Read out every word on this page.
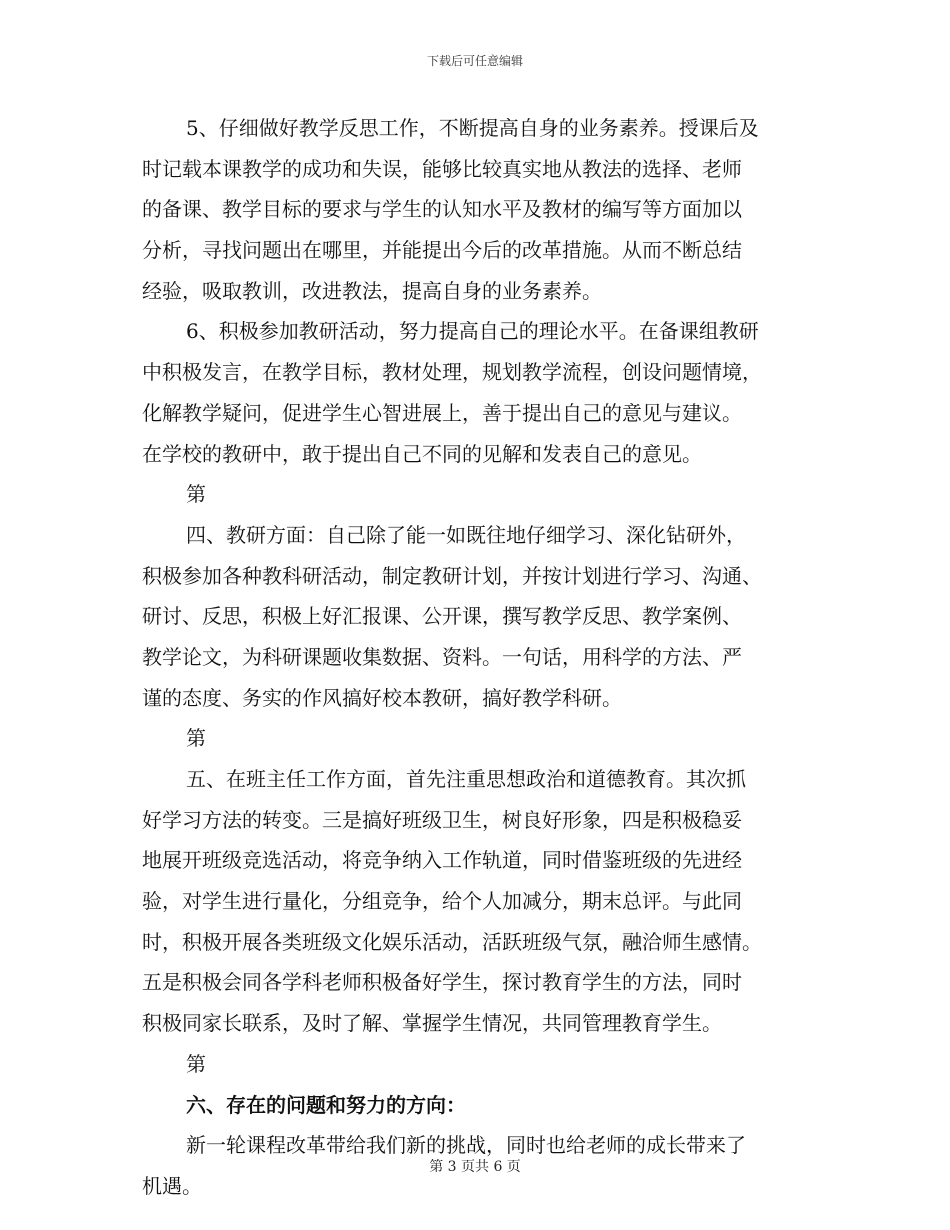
下载后可任意编辑
5、仔细做好教学反思工作，不断提高自身的业务素养。授课后及
时记载本课教学的成功和失误，能够比较真实地从教法的选择、老师
的备课、教学目标的要求与学生的认知水平及教材的编写等方面加以
分析，寻找问题出在哪里，并能提出今后的改革措施。从而不断总结
经验，吸取教训，改进教法，提高自身的业务素养。
6、积极参加教研活动，努力提高自己的理论水平。在备课组教研
中积极发言，在教学目标，教材处理，规划教学流程，创设问题情境，
化解教学疑问，促进学生心智进展上，善于提出自己的意见与建议。
在学校的教研中，敢于提出自己不同的见解和发表自己的意见。
第
四、教研方面：自己除了能一如既往地仔细学习、深化钻研外，
积极参加各种教科研活动，制定教研计划，并按计划进行学习、沟通、
研讨、反思，积极上好汇报课、公开课，撰写教学反思、教学案例、
教学论文，为科研课题收集数据、资料。一句话，用科学的方法、严
谨的态度、务实的作风搞好校本教研，搞好教学科研。
第
五、在班主任工作方面，首先注重思想政治和道德教育。其次抓
好学习方法的转变。三是搞好班级卫生，树良好形象，四是积极稳妥
地展开班级竞选活动，将竞争纳入工作轨道，同时借鉴班级的先进经
验，对学生进行量化，分组竞争，给个人加减分，期末总评。与此同
时，积极开展各类班级文化娱乐活动，活跃班级气氛，融洽师生感情。
五是积极会同各学科老师积极备好学生，探讨教育学生的方法，同时
积极同家长联系，及时了解、掌握学生情况，共同管理教育学生。
第
六、存在的问题和努力的方向：
新一轮课程改革带给我们新的挑战，同时也给老师的成长带来了
机遇。
第 3 页共 6 页
